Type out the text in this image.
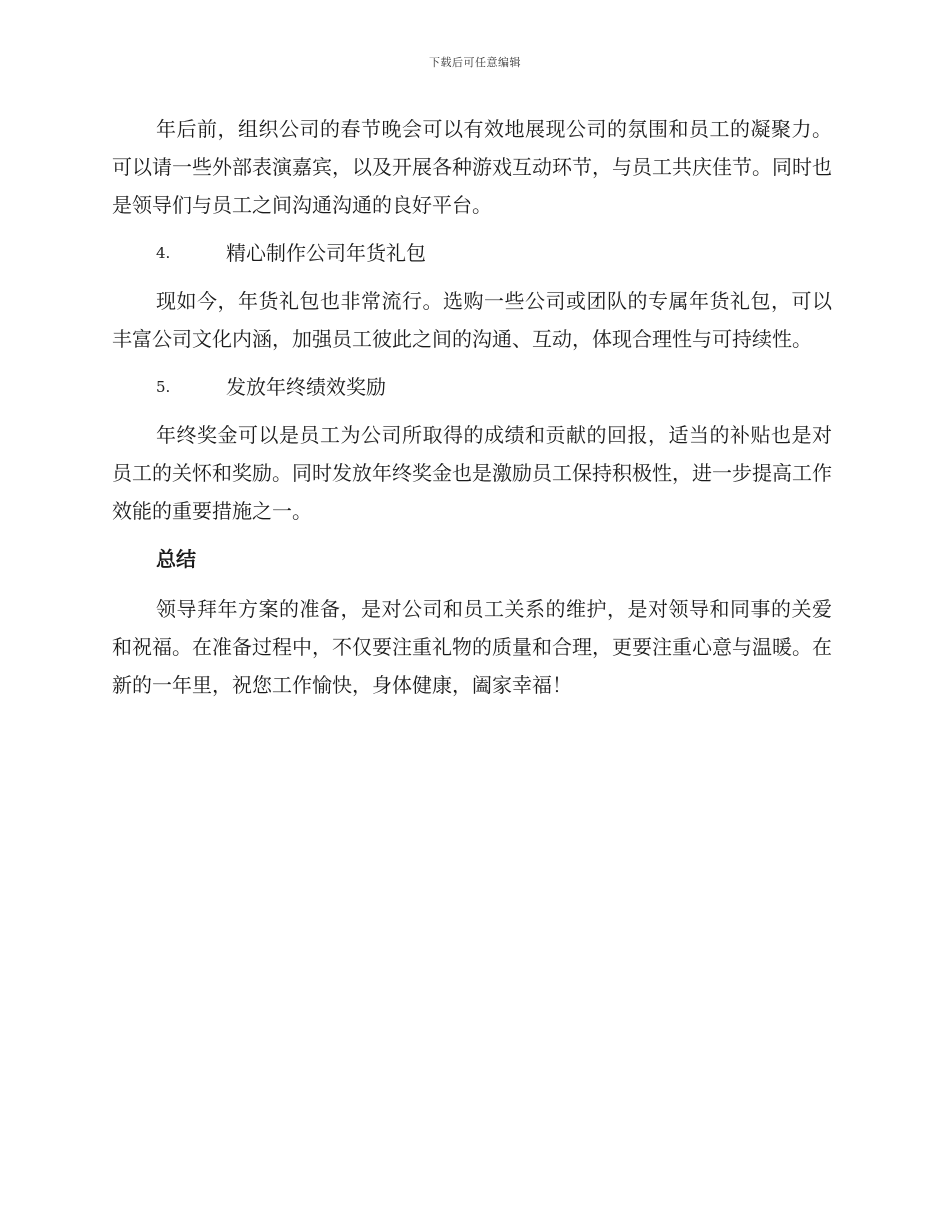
下载后可任意编辑

年后前，组织公司的春节晚会可以有效地展现公司的氛围和员工的凝聚力。可以请一些外部表演嘉宾，以及开展各种游戏互动环节，与员工共庆佳节。同时也是领导们与员工之间沟通沟通的良好平台。

4.	精心制作公司年货礼包

现如今，年货礼包也非常流行。选购一些公司或团队的专属年货礼包，可以丰富公司文化内涵，加强员工彼此之间的沟通、互动，体现合理性与可持续性。

5.	发放年终绩效奖励

年终奖金可以是员工为公司所取得的成绩和贡献的回报，适当的补贴也是对员工的关怀和奖励。同时发放年终奖金也是激励员工保持积极性，进一步提高工作效能的重要措施之一。

总结

领导拜年方案的准备，是对公司和员工关系的维护，是对领导和同事的关爱和祝福。在准备过程中，不仅要注重礼物的质量和合理，更要注重心意与温暖。在新的一年里，祝您工作愉快，身体健康，阖家幸福！
